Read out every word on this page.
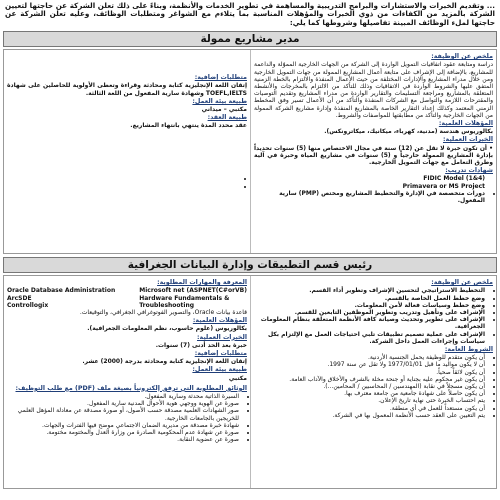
... وتقديم الخبرات والاستشارات والبرامج التدريبية والمساهمة في تطوير الخدمات والأنظمة، وبناءً على ذلك تعلن الشركة عن حاجتها لتعيين الشركة بالمزيد من الكفاءات من ذوي الخبرات والمؤهلات المناسبة بما يتلاءم مع الشواغر ومتطلبات الوظائف، وعليه تعلن الشركة عن حاجتها لملء الوظائف المبينة تفاصيلها وشروطها كما يلي:
مدير مشاريع ممولة
ملخص عن الوظيفة:
دراسة ومتابعة عقود اتفاقيات التمويل الواردة إلى الشركة من الجهات الخارجية المموّلة والداعمة للمشاريع، بالإضافة إلى الإشراف على متابعة أعمال المشاريع الممولة من جهات التمويل الخارجية ومن خلال مدراء المشاريع والإدارات المختلفة من حيث الأعمال المنفذة والالتزام بالخطة الزمنية المتفق عليها والشروط الواردة في الاتفاقيات وذلك للتأكد من الالتزام بالمخرجات والأنشطة المتعلقة بالمشاريع ومراجعة التسليمات والتقارير الواردة من مدراء المشاريع وتقديم التوصيات والمقترحات اللازمة والتواصل مع الشركات المنفذة والتأكد من أن الأعمال تسير وفق المخطط الزمني المعتمد وكذلك إعداد التقارير الخاصة بالمشاريع المنفذة وإدارة مشاريع الشركة الممولة من الجهات الخارجية والتأكد من مطابقتها للمواصفات والشروط.
المؤهلات العلمية:
بكالوريوس هندسة (مدنية، كهرباء، ميكانيك، ميكاترونكس).
الخبرات العملية:
• أن تكون خبرة لا تقل عن (12) سنة في مجال الاختصاص منها (5) سنوات تحديداً بإدارة المشاريع الممولة خارجياً و (5) سنوات في مشاريع المياه وخبرة في آلية وطرق التعامل مع جهات التمويل الخارجية.
شهادات تدريب:
• FIDIC Model (1&4)
• Primavera or MS Project
• دورات متخصصة في الإدارة والتخطيط المشاريع ومختص (PMP) سارية المفعول.
متطلبات إضافية:
إتقان اللغة الإنجليزية كتابة ومحادثة وقراءة وتعطى الأولوية للحاصلين على شهادة TOEFL,IELTS وشهادة سارية المفعول من اللغة الثالثة.
طبيعة بيئة العمل:
مكتبي – ميداني
طبيعة العقد:
عقد محدد المدة ينتهي بانتهاء المشاريع.
رئيس قسم التطبيقات وإدارة البيانات الجغرافية
ملخص عن الوظيفة:
• التخطيط الاستراتيجي لتحسين الإشراف وتطوير أداء القسم.
• وضع خطط العمل الخاصة بالقسم.
• وضع خطط وسياسات فعالة لأمن المعلومات.
• الإشراف على وتأهيل وتدريب وتطوير الموظفين التابعين للقسم.
• الإشراف على تطوير وتحديث وصيانة كافة الأنظمة المتعلقة بنظام المعلومات الجغرافية.
• الإشراف على عملية تصميم تطبيقات تلبي احتياجات العمل مع الإلتزام بكل سياسات وإجراءات العمل داخل الشركة.
الشروط العامة:
• أن يكون متقدم للوظيفة يحمل الجنسية الأردنية.
• أن لا يكون مواليد ما قبل 1977/01/01 ولا تقل عن سنة 1997.
• أن يكون لائقاً صحياً.
• أن يكون غير محكوم عليه بجناية أو جنحة مخلة بالشرف والأخلاق والآداب العامة.
• أن يكون مسجلاً في نقابة (المهندسين / المحاسبين / المحامين...).
• أن يكون حاصلاً على شهادة جامعية من جامعة معترف بها.
• يتم احتساب الخبرة حتى نهاية تاريخ الإعلان.
• أن يكون مستعداً للعمل في أي منطقة.
• يتم التعيين على العقد حسب الأنظمة المعمول بها في الشركة.
المعرفة والمهارات المطلوبة:
Oracle Database Administration
ArcSDE
Controllogix
Microsoft net (ASPNET(C#orVB)
Hardware Fundamentals &
Troubleshooting
قاعدة بيانات Oracle، والتصوير الفوتوغرافي الجغرافي، والتوقيعات.
المؤهلات العلمية:
بكالوريوس (علوم حاسوب، نظم المعلومات الجغرافية).
الخبرات العملية:
خبرة بعد الحد أدنى (7) سنوات.
متطلبات إضافية:
إتقان اللغة الإنجليزية كتابة ومحادثة بدرجة (2000) عشر.
طبيعة بيئة العمل:
مكتبي
الوثائق المطلوبة التي ترفق إلكترونياً بصيغة ملف (PDF) مع طلب التوظيف:
• السيرة الذاتية محدثة وسارية المفعول.
• صورة عن الهوية ووجهي هوية الأحوال المدنية سارية المفعول.
• صور الشهادات العلمية مصدقة حسب الأصول، أو صورة مصدقة عن معادلة المؤهل العلمي للخريجين بالجامعات الخارجية.
• شهادة خبرة مصدقة من مديرية الضمان الاجتماعي موضح فيها الفترات والجهات.
• صورة عن شهادة عدم المحكومية الصادرة من وزارة العدل والمختومة مختومة.
• صورة عن عضوية النقابة.
